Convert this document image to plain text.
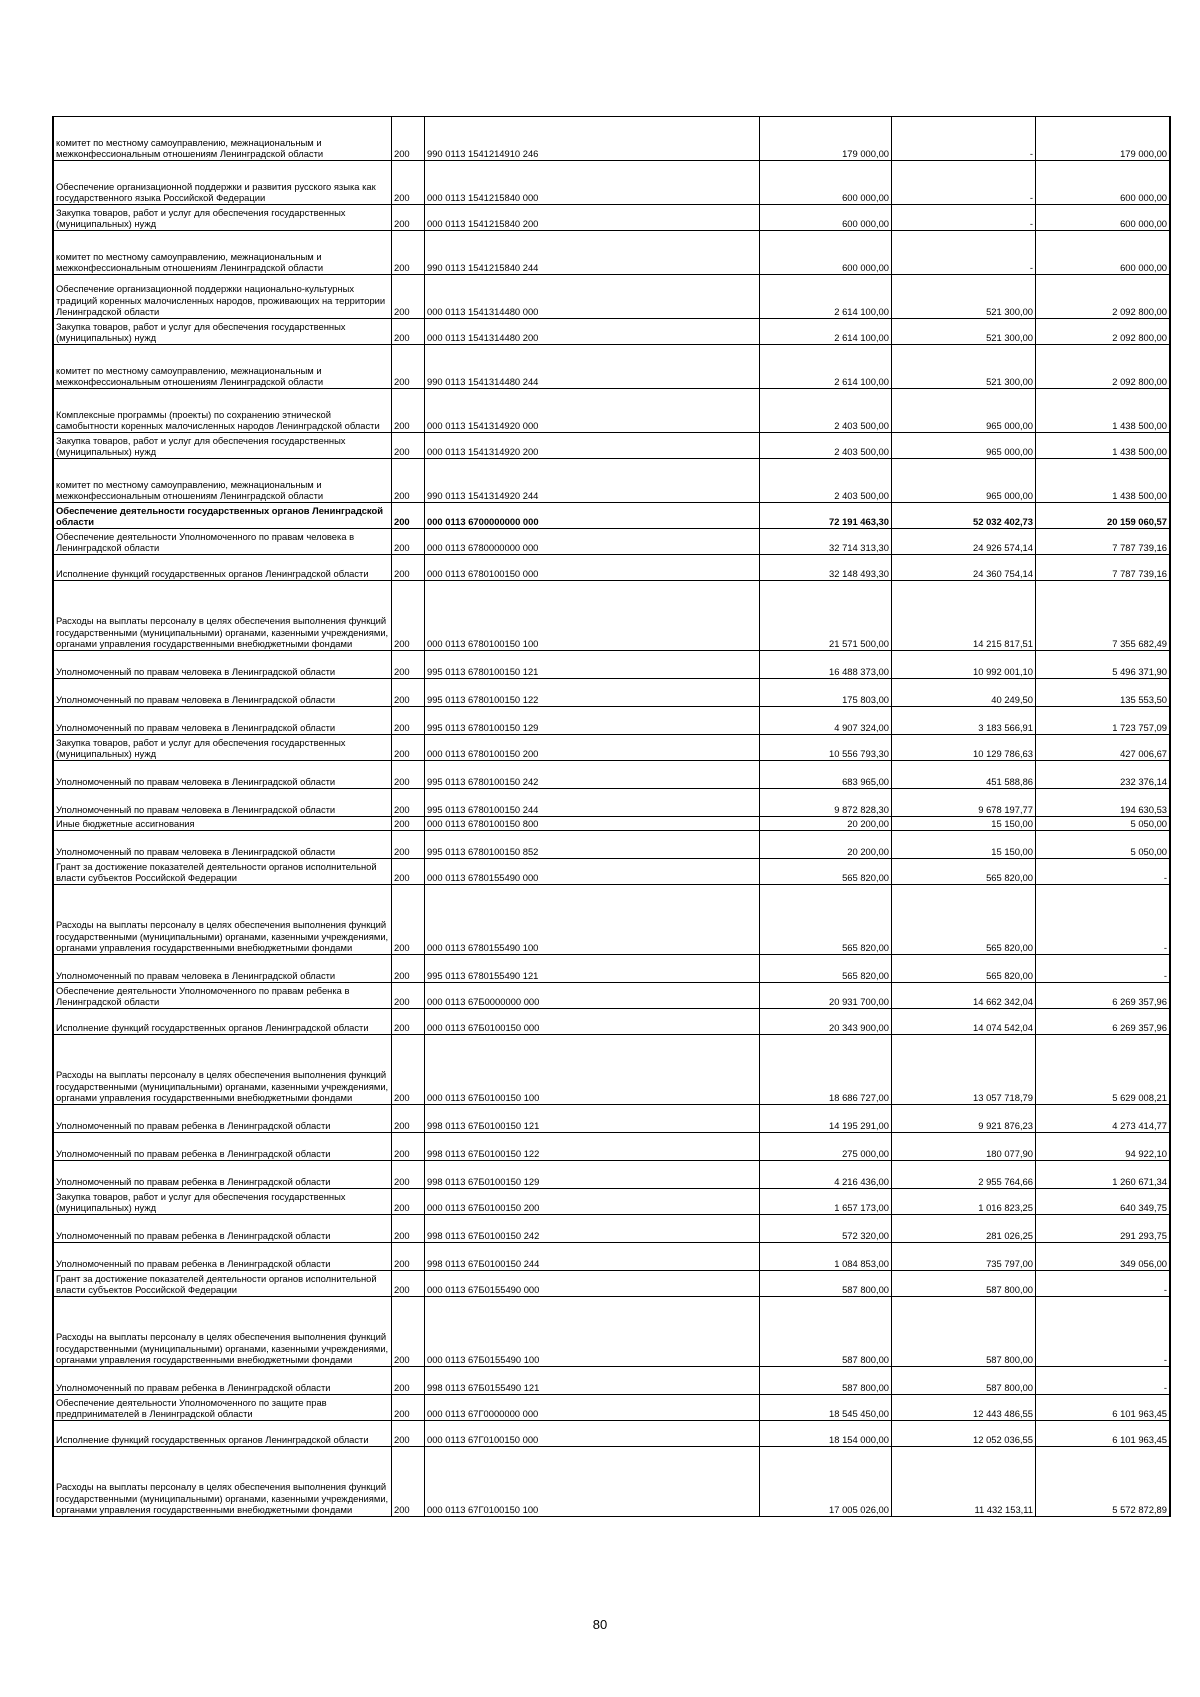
комитет по местному самоуправлению, межнациональным и межконфессиональным отношениям Ленинградской области	200	990 0113 1541214910 246	179 000,00	-	179 000,00
Обеспечение организационной поддержки и развития русского языка как государственного языка Российской Федерации	200	000 0113 1541215840 000	600 000,00	-	600 000,00
Закупка товаров, работ и услуг для обеспечения государственных (муниципальных) нужд	200	000 0113 1541215840 200	600 000,00	-	600 000,00
комитет по местному самоуправлению, межнациональным и межконфессиональным отношениям Ленинградской области	200	990 0113 1541215840 244	600 000,00	-	600 000,00
Обеспечение организационной поддержки национально-культурных традиций коренных малочисленных народов, проживающих на территории Ленинградской области	200	000 0113 1541314480 000	2 614 100,00	521 300,00	2 092 800,00
Закупка товаров, работ и услуг для обеспечения государственных (муниципальных) нужд	200	000 0113 1541314480 200	2 614 100,00	521 300,00	2 092 800,00
комитет по местному самоуправлению, межнациональным и межконфессиональным отношениям Ленинградской области	200	990 0113 1541314480 244	2 614 100,00	521 300,00	2 092 800,00
Комплексные программы (проекты) по сохранению этнической самобытности коренных малочисленных народов Ленинградской области	200	000 0113 1541314920 000	2 403 500,00	965 000,00	1 438 500,00
Закупка товаров, работ и услуг для обеспечения государственных (муниципальных) нужд	200	000 0113 1541314920 200	2 403 500,00	965 000,00	1 438 500,00
комитет по местному самоуправлению, межнациональным и межконфессиональным отношениям Ленинградской области	200	990 0113 1541314920 244	2 403 500,00	965 000,00	1 438 500,00
Обеспечение деятельности государственных органов Ленинградской области	200	000 0113 6700000000 000	72 191 463,30	52 032 402,73	20 159 060,57
Обеспечение деятельности Уполномоченного по правам человека в Ленинградской области	200	000 0113 6780000000 000	32 714 313,30	24 926 574,14	7 787 739,16
Исполнение функций государственных органов Ленинградской области	200	000 0113 6780100150 000	32 148 493,30	24 360 754,14	7 787 739,16
Расходы на выплаты персоналу в целях обеспечения выполнения функций государственными (муниципальными) органами, казенными учреждениями, органами управления государственными внебюджетными фондами	200	000 0113 6780100150 100	21 571 500,00	14 215 817,51	7 355 682,49
Уполномоченный по правам человека в Ленинградской области	200	995 0113 6780100150 121	16 488 373,00	10 992 001,10	5 496 371,90
Уполномоченный по правам человека в Ленинградской области	200	995 0113 6780100150 122	175 803,00	40 249,50	135 553,50
Уполномоченный по правам человека в Ленинградской области	200	995 0113 6780100150 129	4 907 324,00	3 183 566,91	1 723 757,09
Закупка товаров, работ и услуг для обеспечения государственных (муниципальных) нужд	200	000 0113 6780100150 200	10 556 793,30	10 129 786,63	427 006,67
Уполномоченный по правам человека в Ленинградской области	200	995 0113 6780100150 242	683 965,00	451 588,86	232 376,14
Уполномоченный по правам человека в Ленинградской области	200	995 0113 6780100150 244	9 872 828,30	9 678 197,77	194 630,53
Иные бюджетные ассигнования	200	000 0113 6780100150 800	20 200,00	15 150,00	5 050,00
Уполномоченный по правам человека в Ленинградской области	200	995 0113 6780100150 852	20 200,00	15 150,00	5 050,00
Грант за достижение показателей деятельности органов исполнительной власти субъектов Российской Федерации	200	000 0113 6780155490 000	565 820,00	565 820,00	-
Расходы на выплаты персоналу в целях обеспечения выполнения функций государственными (муниципальными) органами, казенными учреждениями, органами управления государственными внебюджетными фондами	200	000 0113 6780155490 100	565 820,00	565 820,00	-
Уполномоченный по правам человека в Ленинградской области	200	995 0113 6780155490 121	565 820,00	565 820,00	-
Обеспечение деятельности Уполномоченного по правам ребенка в Ленинградской области	200	000 0113 67Б0000000 000	20 931 700,00	14 662 342,04	6 269 357,96
Исполнение функций государственных органов Ленинградской области	200	000 0113 67Б0100150 000	20 343 900,00	14 074 542,04	6 269 357,96
Расходы на выплаты персоналу в целях обеспечения выполнения функций государственными (муниципальными) органами, казенными учреждениями, органами управления государственными внебюджетными фондами	200	000 0113 67Б0100150 100	18 686 727,00	13 057 718,79	5 629 008,21
Уполномоченный по правам ребенка в Ленинградской области	200	998 0113 67Б0100150 121	14 195 291,00	9 921 876,23	4 273 414,77
Уполномоченный по правам ребенка в Ленинградской области	200	998 0113 67Б0100150 122	275 000,00	180 077,90	94 922,10
Уполномоченный по правам ребенка в Ленинградской области	200	998 0113 67Б0100150 129	4 216 436,00	2 955 764,66	1 260 671,34
Закупка товаров, работ и услуг для обеспечения государственных (муниципальных) нужд	200	000 0113 67Б0100150 200	1 657 173,00	1 016 823,25	640 349,75
Уполномоченный по правам ребенка в Ленинградской области	200	998 0113 67Б0100150 242	572 320,00	281 026,25	291 293,75
Уполномоченный по правам ребенка в Ленинградской области	200	998 0113 67Б0100150 244	1 084 853,00	735 797,00	349 056,00
Грант за достижение показателей деятельности органов исполнительной власти субъектов Российской Федерации	200	000 0113 67Б0155490 000	587 800,00	587 800,00	-
Расходы на выплаты персоналу в целях обеспечения выполнения функций государственными (муниципальными) органами, казенными учреждениями, органами управления государственными внебюджетными фондами	200	000 0113 67Б0155490 100	587 800,00	587 800,00	-
Уполномоченный по правам ребенка в Ленинградской области	200	998 0113 67Б0155490 121	587 800,00	587 800,00	-
Обеспечение деятельности Уполномоченного по защите прав предпринимателей в Ленинградской области	200	000 0113 67Г0000000 000	18 545 450,00	12 443 486,55	6 101 963,45
Исполнение функций государственных органов Ленинградской области	200	000 0113 67Г0100150 000	18 154 000,00	12 052 036,55	6 101 963,45
Расходы на выплаты персоналу в целях обеспечения выполнения функций государственными (муниципальными) органами, казенными учреждениями, органами управления государственными внебюджетными фондами	200	000 0113 67Г0100150 100	17 005 026,00	11 432 153,11	5 572 872,89
80
